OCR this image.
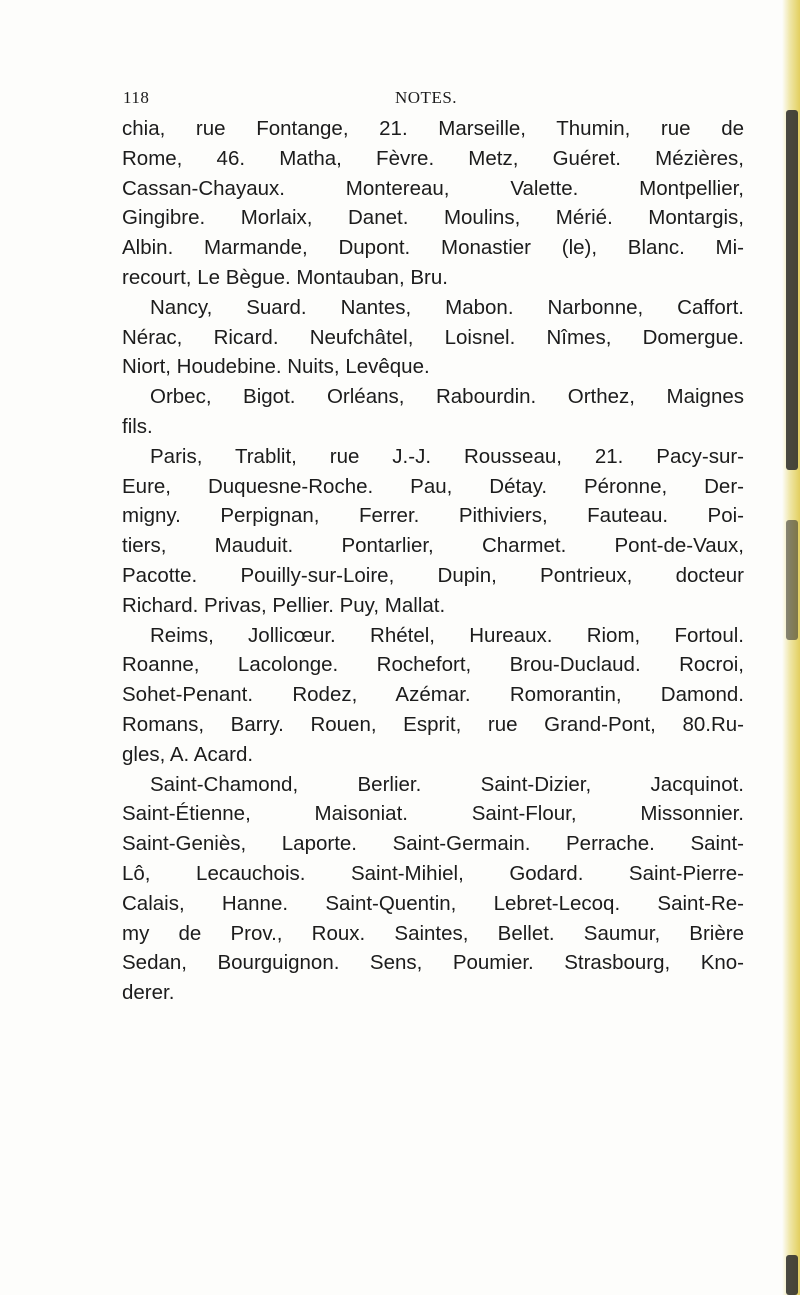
118	NOTES.
chia, rue Fontange, 21. Marseille, Thumin, rue de
Rome, 46. Matha, Fèvre. Metz, Guéret. Mézières,
Cassan-Chayaux. Montereau, Valette. Montpellier,
Gingibre. Morlaix, Danet. Moulins, Mérié. Montargis,
Albin. Marmande, Dupont. Monastier (le), Blanc. Mi-
recourt, Le Bègue. Montauban, Bru.
Nancy, Suard. Nantes, Mabon. Narbonne, Caffort.
Nérac, Ricard. Neufchâtel, Loisnel. Nîmes, Domergue.
Niort, Houdebine. Nuits, Levêque.
Orbec, Bigot. Orléans, Rabourdin. Orthez, Maignes
fils.
Paris, Trablit, rue J.-J. Rousseau, 21. Pacy-sur-
Eure, Duquesne-Roche. Pau, Détay. Péronne, Der-
migny. Perpignan, Ferrer. Pithiviers, Fauteau. Poi-
tiers, Mauduit. Pontarlier, Charmet. Pont-de-Vaux,
Pacotte. Pouilly-sur-Loire, Dupin, Pontrieux, docteur
Richard. Privas, Pellier. Puy, Mallat.
Reims, Jollicœur. Rhétel, Hureaux. Riom, Fortoul.
Roanne, Lacolonge. Rochefort, Brou-Duclaud. Rocroi,
Sohet-Penant. Rodez, Azémar. Romorantin, Damond.
Romans, Barry. Rouen, Esprit, rue Grand-Pont, 80.Ru-
gles, A. Acard.
Saint-Chamond, Berlier. Saint-Dizier, Jacquinot.
Saint-Étienne, Maisoniat. Saint-Flour, Missonnier.
Saint-Geniès, Laporte. Saint-Germain. Perrache. Saint-
Lô, Lecauchois. Saint-Mihiel, Godard. Saint-Pierre-
Calais, Hanne. Saint-Quentin, Lebret-Lecoq. Saint-Re-
my de Prov., Roux. Saintes, Bellet. Saumur, Brière
Sedan, Bourguignon. Sens, Poumier. Strasbourg, Kno-
derer.
